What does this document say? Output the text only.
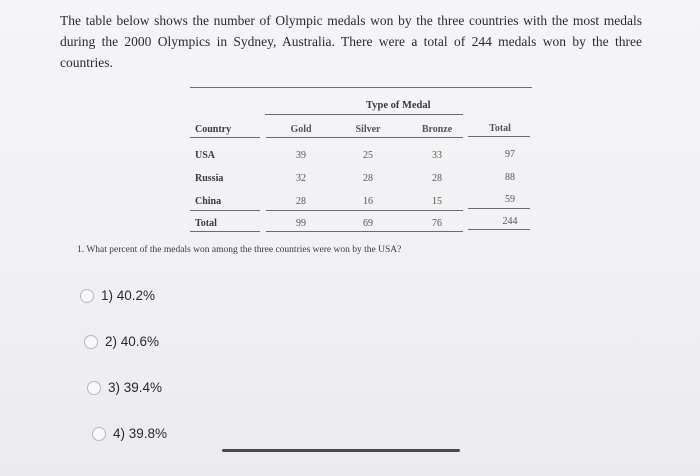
The table below shows the number of Olympic medals won by the three countries with the most medals during the 2000 Olympics in Sydney, Australia. There were a total of 244 medals won by the three countries.
Type of Medal
Country	Gold	Silver	Bronze	Total
USA	39	25	33	97
Russia	32	28	28	88
China	28	16	15	59
Total	99	69	76	244
1. What percent of the medals won among the three countries were won by the USA?
1) 40.2%
2) 40.6%
3) 39.4%
4) 39.8%
